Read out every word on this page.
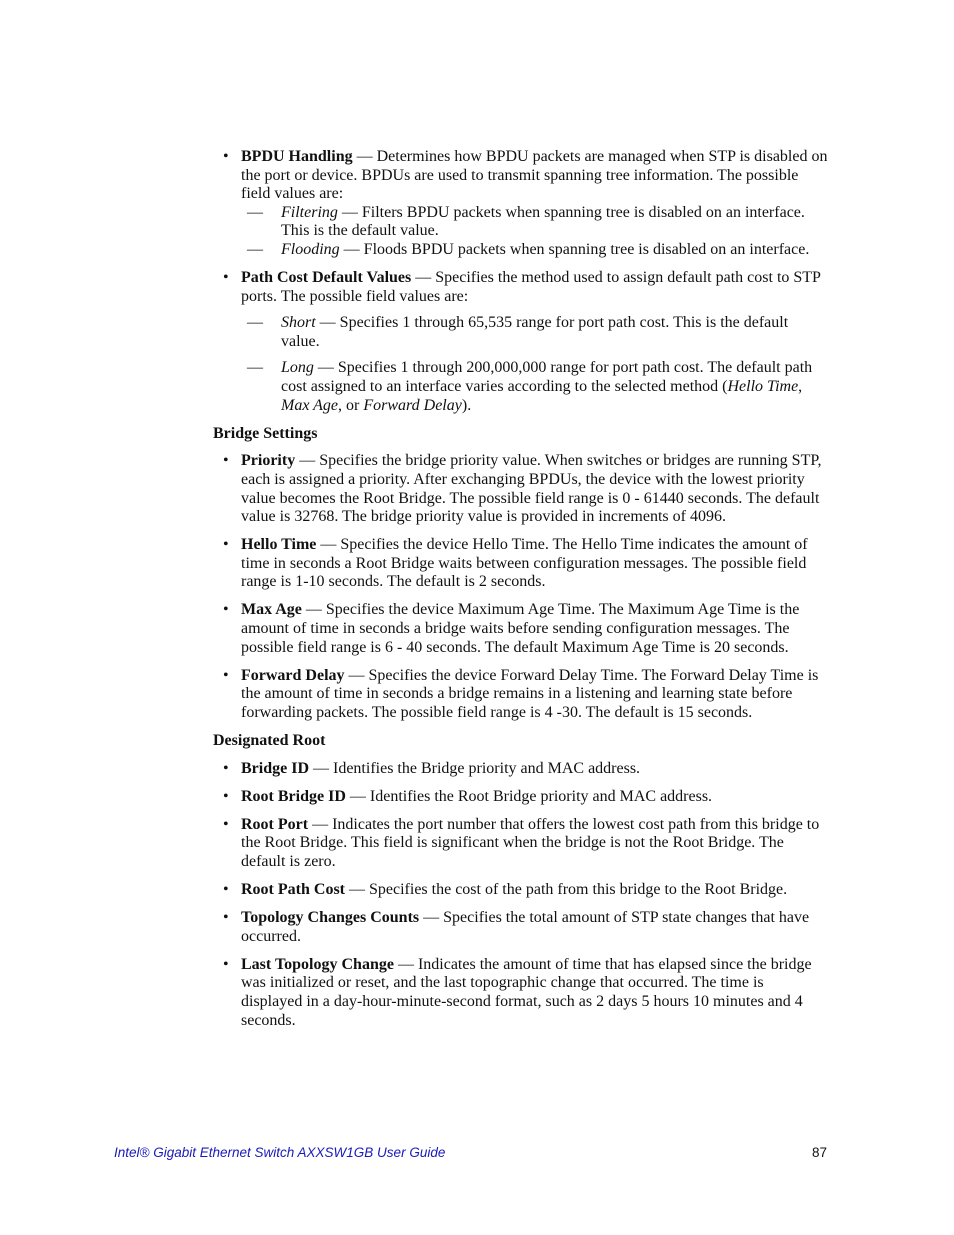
• BPDU Handling — Determines how BPDU packets are managed when STP is disabled on the port or device. BPDUs are used to transmit spanning tree information. The possible field values are:
—	Filtering — Filters BPDU packets when spanning tree is disabled on an interface. This is the default value.
—	Flooding — Floods BPDU packets when spanning tree is disabled on an interface.
• Path Cost Default Values — Specifies the method used to assign default path cost to STP ports. The possible field values are:
—	Short — Specifies 1 through 65,535 range for port path cost. This is the default value.
—	Long — Specifies 1 through 200,000,000 range for port path cost. The default path cost assigned to an interface varies according to the selected method (Hello Time, Max Age, or Forward Delay).
Bridge Settings
• Priority — Specifies the bridge priority value. When switches or bridges are running STP, each is assigned a priority. After exchanging BPDUs, the device with the lowest priority value becomes the Root Bridge. The possible field range is 0 - 61440 seconds. The default value is 32768. The bridge priority value is provided in increments of 4096.
• Hello Time — Specifies the device Hello Time. The Hello Time indicates the amount of time in seconds a Root Bridge waits between configuration messages. The possible field range is 1-10 seconds. The default is 2 seconds.
• Max Age — Specifies the device Maximum Age Time. The Maximum Age Time is the amount of time in seconds a bridge waits before sending configuration messages. The possible field range is 6 - 40 seconds. The default Maximum Age Time is 20 seconds.
• Forward Delay — Specifies the device Forward Delay Time. The Forward Delay Time is the amount of time in seconds a bridge remains in a listening and learning state before forwarding packets. The possible field range is 4 -30. The default is 15 seconds.
Designated Root
• Bridge ID — Identifies the Bridge priority and MAC address.
• Root Bridge ID — Identifies the Root Bridge priority and MAC address.
• Root Port — Indicates the port number that offers the lowest cost path from this bridge to the Root Bridge. This field is significant when the bridge is not the Root Bridge. The default is zero.
• Root Path Cost — Specifies the cost of the path from this bridge to the Root Bridge.
• Topology Changes Counts — Specifies the total amount of STP state changes that have occurred.
• Last Topology Change — Indicates the amount of time that has elapsed since the bridge was initialized or reset, and the last topographic change that occurred. The time is displayed in a day-hour-minute-second format, such as 2 days 5 hours 10 minutes and 4 seconds.
Intel® Gigabit Ethernet Switch AXXSW1GB User Guide	87
